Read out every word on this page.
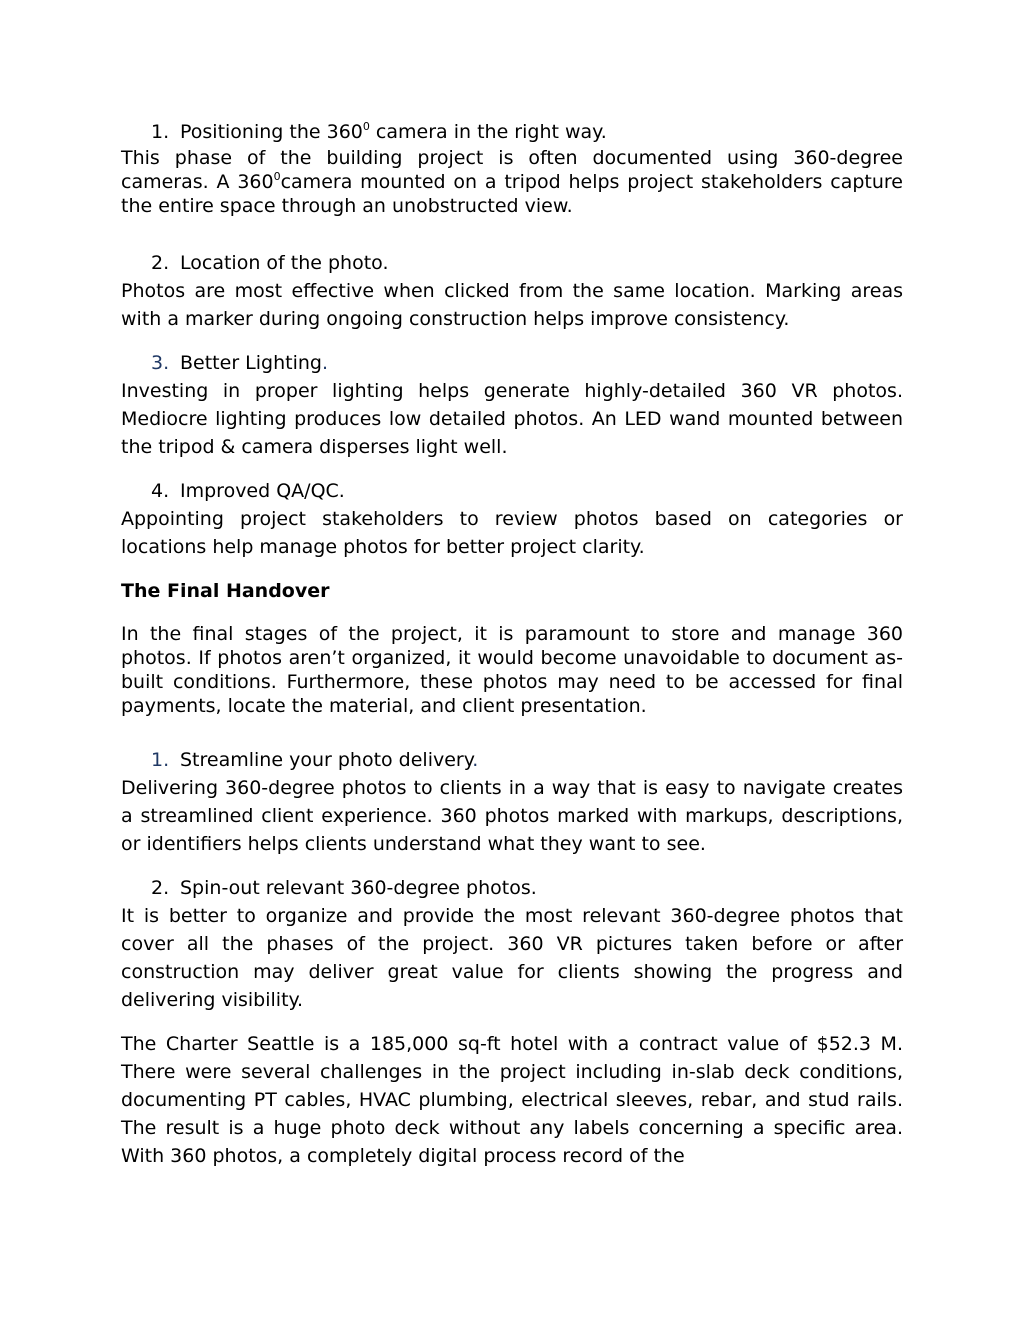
1. Positioning the $360^0$ camera in the right way.

This phase of the building project is often documented using 360-degree cameras. A $360^0camera$ mounted on a tripod helps project stakeholders capture the entire space through an unobstructed view.

2. Location of the photo.

Photos are most effective when clicked from the same location. Marking areas with a marker during ongoing construction helps improve consistency.

3. Better Lighting.

Investing in proper lighting helps generate highly-detailed 360 VR photos. Mediocre lighting produces low detailed photos. An LED wand mounted between the tripod & camera disperses light well.

4. Improved QA/QC.

Appointing project stakeholders to review photos based on categories or locations help manage photos for better project clarity.

The Final Handover

In the final stages of the project, it is paramount to store and manage 360 photos. If photos aren’t organized, it would become unavoidable to document as-built conditions. Furthermore, these photos may need to be accessed for final payments, locate the material, and client presentation.

1. Streamline your photo delivery.

Delivering 360-degree photos to clients in a way that is easy to navigate creates a streamlined client experience. 360 photos marked with markups, descriptions, or identifiers helps clients understand what they want to see.

2. Spin-out relevant 360-degree photos.

It is better to organize and provide the most relevant 360-degree photos that cover all the phases of the project. 360 VR pictures taken before or after construction may deliver great value for clients showing the progress and delivering visibility.

The Charter Seattle is a 185,000 sq-ft hotel with a contract value of $52.3 M. There were several challenges in the project including in-slab deck conditions, documenting PT cables, HVAC plumbing, electrical sleeves, rebar, and stud rails. The result is a huge photo deck without any labels concerning a specific area. With 360 photos, a completely digital process record of the
